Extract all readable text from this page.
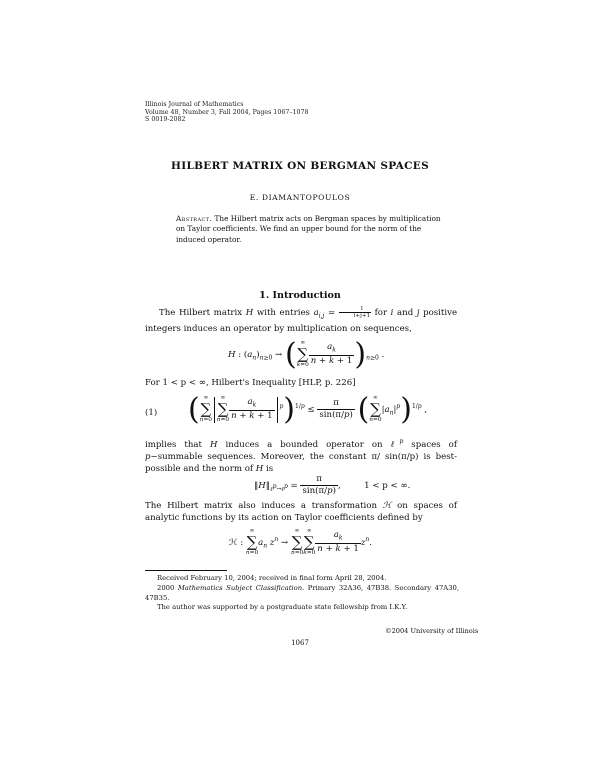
Illinois Journal of Mathematics
Volume 48, Number 3, Fall 2004, Pages 1067–1078
S 0019-2082
HILBERT MATRIX ON BERGMAN SPACES
E. DIAMANTOPOULOS
Abstract. The Hilbert matrix acts on Bergman spaces by multiplication on Taylor coefficients. We find an upper bound for the norm of the induced operator.
1. Introduction
The Hilbert matrix H with entries $a_{i,j} = \frac{1}{i+j+1}$ for i and j positive integers induces an operator by multiplication on sequences,
H : $(a_n)_{n\ge 0}$ → ( ∞
∑
$k=0 \frac{a_k}{n + k + 1} )_{n\ge 0}$ .
For 1 < p < ∞, Hilbert's Inequality [HLP, p. 226]
(1) ( ∞
∑
n=0
∞
∑
$n=0 \frac{a_k}{n + k + 1} ^p)^{1/p} \le \frac{\pi}{\sin(\pi/p)}$ ( ∞
∑
n=0
$|a_n|^p)^{1/p}$ ,
implies that H induces a bounded operator on ℓ$^p$ spaces of p−summable sequences. Moreover, the constant π/ sin(π/p) is best-possible and the norm of H is
$‖H‖_{\ell p\to\ell p} = \frac{\pi}{\sin(\pi/p)}$ ,  1 < p < ∞.
The Hilbert matrix also induces a transformation ℋ on spaces of analytic functions by its action on Taylor coefficients defined by
ℋ :
∞
∑
n=0
$a_n$ $z^n$ →
∞
∑
n=0
∞
∑
$k=0 \frac{a_k}{n + k + 1} z^n$.
Received February 10, 2004; received in final form April 28, 2004.
2000 Mathematics Subject Classification. Primary 32A36, 47B38. Secondary 47A30, 47B35.
The author was supported by a postgraduate state fellowship from I.K.Y.
©2004 University of Illinois
1067
